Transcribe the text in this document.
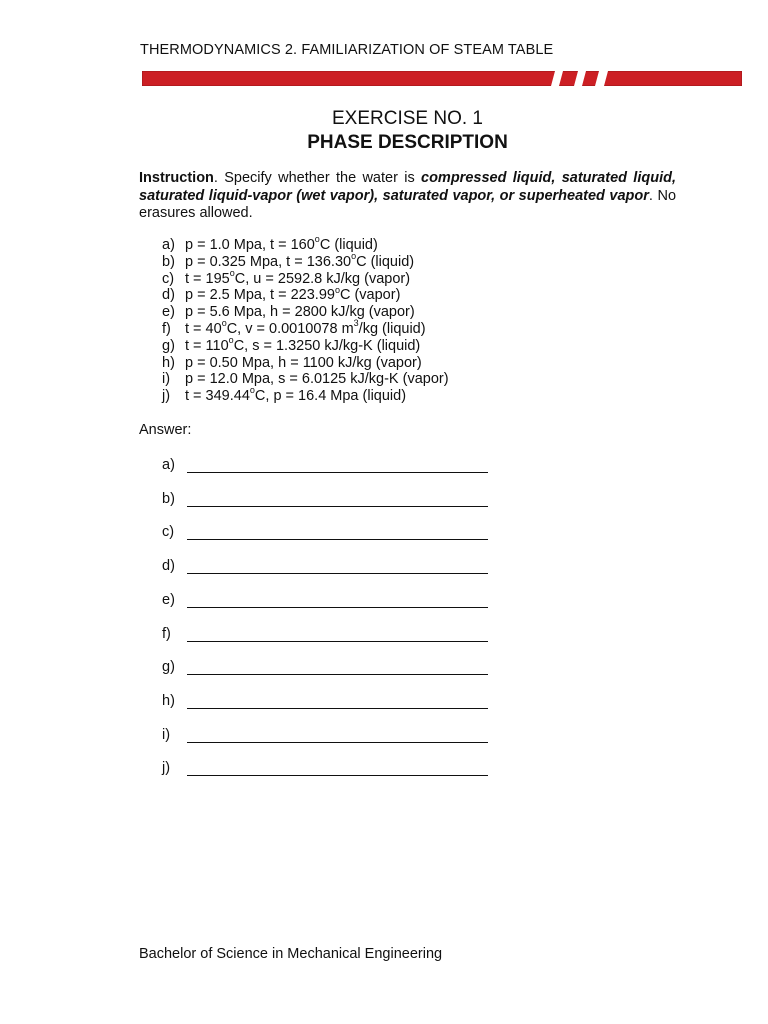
THERMODYNAMICS 2. FAMILIARIZATION OF STEAM TABLE
EXERCISE NO. 1
PHASE DESCRIPTION
Instruction. Specify whether the water is compressed liquid, saturated liquid, saturated liquid-vapor (wet vapor), saturated vapor, or superheated vapor. No erasures allowed.
a) p = 1.0 Mpa, $t = 160^oC$ (liquid)
b) p = 0.325 Mpa, $t = 136.30^oC$ (liquid)
c) $t = 195^oC$, u = 2592.8 kJ/kg (vapor)
d) p = 2.5 Mpa, $t = 223.99^oC$ (vapor)
e) p = 5.6 Mpa, h = 2800 kJ/kg (vapor)
f) $t = 40^oC$, v = 0.0010078 $m^3/kg$ (liquid)
g) $t = 110^oC$, s = 1.3250 kJ/kg-K (liquid)
h) p = 0.50 Mpa, h = 1100 kJ/kg (vapor)
i)	p = 12.0 Mpa, s = 6.0125 kJ/kg-K (vapor)
j)	$t = 349.44^oC$, p = 16.4 Mpa (liquid)
Answer:
a)
b)
c)
d)
e)
f)
g)
h)
i)
j)
Bachelor of Science in Mechanical Engineering
